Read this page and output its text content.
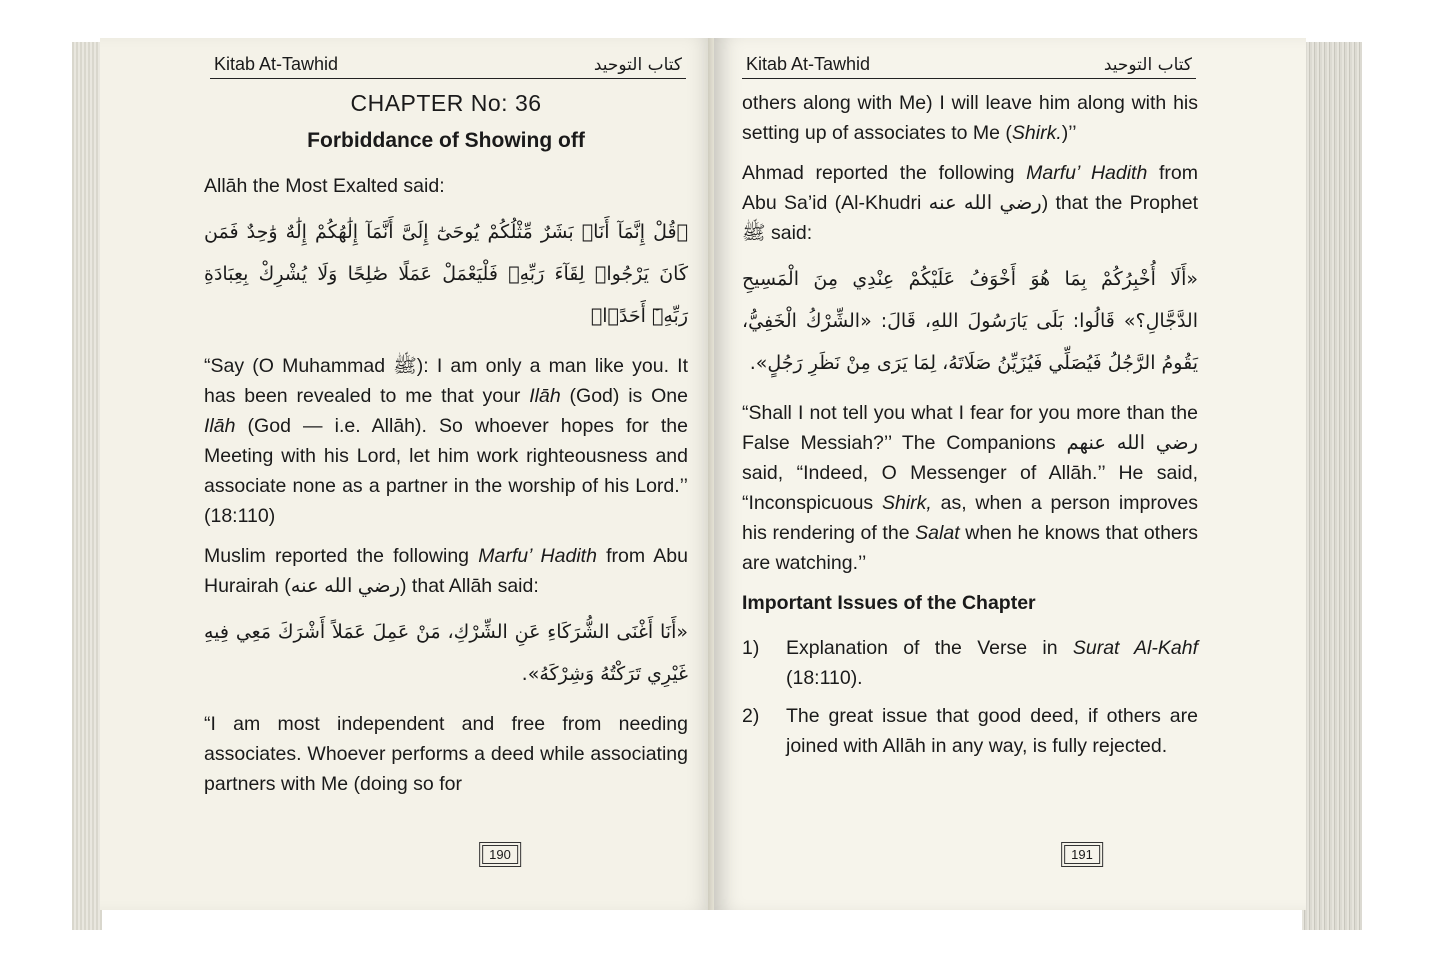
Kitab At-Tawhid	كتاب التوحيد
CHAPTER No: 36
Forbiddance of Showing off

Allāh the Most Exalted said:

﴿قُلْ إِنَّمَآ أَنَا۠ بَشَرٌ مِّثْلُكُمْ يُوحَىٰٓ إِلَىَّ أَنَّمَآ إِلَٰهُكُمْ إِلَٰهٌ وَٰحِدٌ فَمَن كَانَ يَرْجُوا۟ لِقَآءَ رَبِّهِۦ فَلْيَعْمَلْ عَمَلًا صَٰلِحًا وَلَا يُشْرِكْ بِعِبَادَةِ رَبِّهِۦٓ أَحَدًۢا﴾

“Say (O Muhammad ﷺ): I am only a man like you. It has been revealed to me that your Ilāh (God) is One Ilāh (God — i.e. Allāh). So whoever hopes for the Meeting with his Lord, let him work righteousness and associate none as a partner in the worship of his Lord.’’ (18:110)

Muslim reported the following Marfu’ Hadith from Abu Hurairah (رضي الله عنه) that Allāh said:

«أَنَا أَغْنَى الشُّرَكَاءِ عَنِ الشِّرْكِ، مَنْ عَمِلَ عَمَلاً أَشْرَكَ مَعِي فِيهِ غَيْرِي تَرَكْتُهُ وَشِرْكَهُ».

“I am most independent and free from needing associates. Whoever performs a deed while associating partners with Me (doing so for

190
Kitab At-Tawhid	كتاب التوحيد

others along with Me) I will leave him along with his setting up of associates to Me (Shirk.)’’

Ahmad reported the following Marfu’ Hadith from Abu Sa’id (Al-Khudri رضي الله عنه) that the Prophet ﷺ said:

«أَلَا أُخْبِرُكُمْ بِمَا هُوَ أَخْوَفُ عَلَيْكُمْ عِنْدِي مِنَ الْمَسِيحِ الدَّجَّالِ؟» قَالُوا: بَلَى يَارَسُولَ اللهِ، قَالَ: «الشِّرْكُ الْخَفِيُّ، يَقُومُ الرَّجُلُ فَيُصَلِّي فَيُزَيِّنُ صَلَاتَهُ، لِمَا يَرَى مِنْ نَظَرِ رَجُلٍ».

“Shall I not tell you what I fear for you more than the False Messiah?’’ The Companions رضي الله عنهم said, “Indeed, O Messenger of Allāh.’’ He said, “Inconspicuous Shirk, as, when a person improves his rendering of the Salat when he knows that others are watching.’’

Important Issues of the Chapter
1) Explanation of the Verse in Surat Al-Kahf (18:110).
2) The great issue that good deed, if others are joined with Allāh in any way, is fully rejected.
191
